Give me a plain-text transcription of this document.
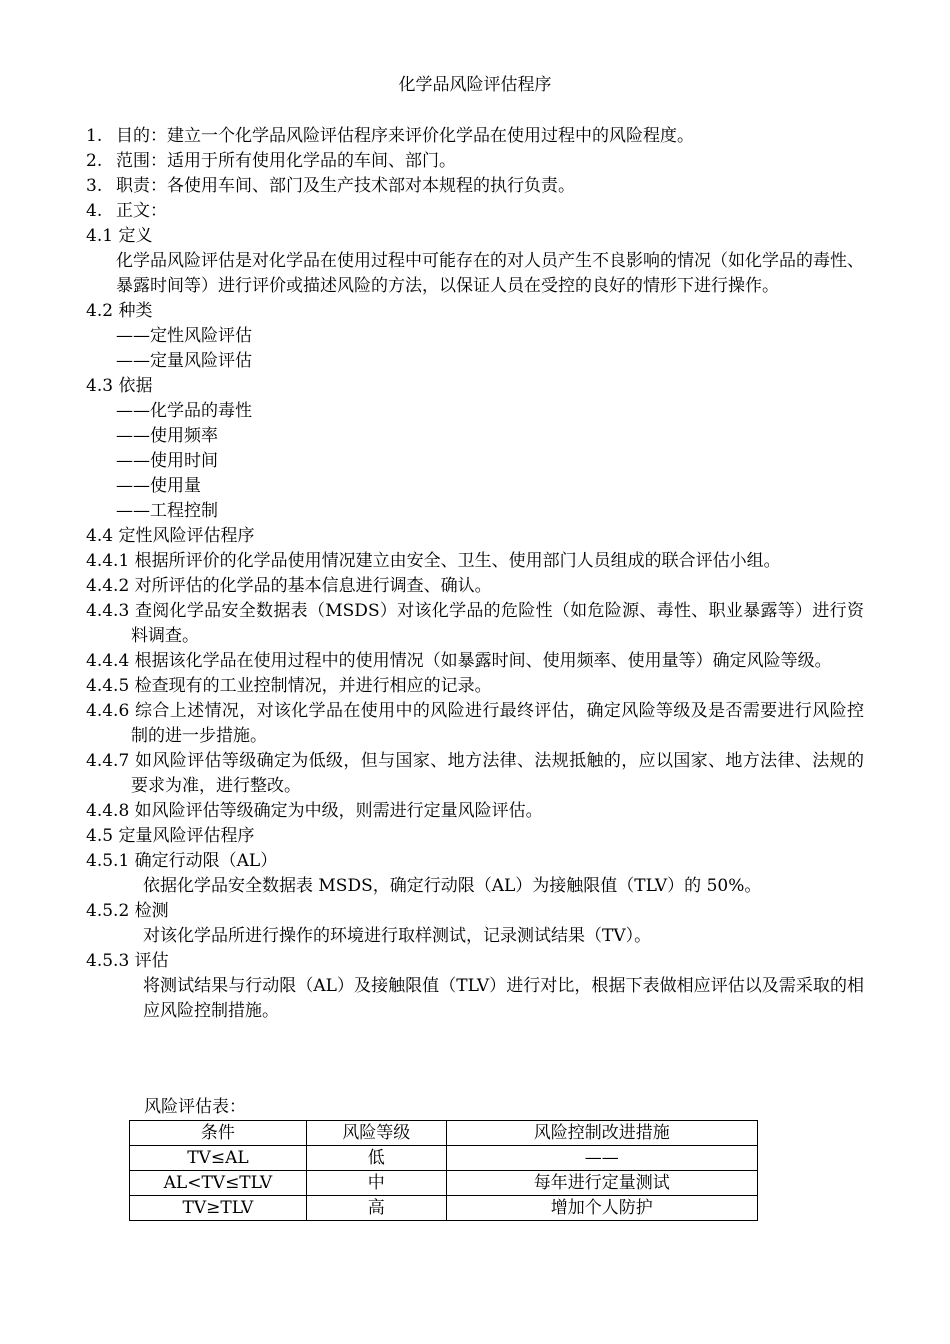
化学品风险评估程序
1. 目的：建立一个化学品风险评估程序来评价化学品在使用过程中的风险程度。
2. 范围：适用于所有使用化学品的车间、部门。
3. 职责：各使用车间、部门及生产技术部对本规程的执行负责。
4. 正文：
4.1 定义
化学品风险评估是对化学品在使用过程中可能存在的对人员产生不良影响的情况（如化学品的毒性、暴露时间等）进行评价或描述风险的方法，以保证人员在受控的良好的情形下进行操作。
4.2 种类
——定性风险评估
——定量风险评估
4.3 依据
——化学品的毒性
——使用频率
——使用时间
——使用量
——工程控制
4.4 定性风险评估程序
4.4.1 根据所评价的化学品使用情况建立由安全、卫生、使用部门人员组成的联合评估小组。
4.4.2 对所评估的化学品的基本信息进行调查、确认。
4.4.3 查阅化学品安全数据表（MSDS）对该化学品的危险性（如危险源、毒性、职业暴露等）进行资料调查。
4.4.4 根据该化学品在使用过程中的使用情况（如暴露时间、使用频率、使用量等）确定风险等级。
4.4.5 检查现有的工业控制情况，并进行相应的记录。
4.4.6 综合上述情况，对该化学品在使用中的风险进行最终评估，确定风险等级及是否需要进行风险控制的进一步措施。
4.4.7 如风险评估等级确定为低级，但与国家、地方法律、法规抵触的，应以国家、地方法律、法规的要求为准，进行整改。
4.4.8 如风险评估等级确定为中级，则需进行定量风险评估。
4.5 定量风险评估程序
4.5.1 确定行动限（AL）
依据化学品安全数据表 MSDS，确定行动限（AL）为接触限值（TLV）的 50%。
4.5.2 检测
对该化学品所进行操作的环境进行取样测试，记录测试结果（TV）。
4.5.3 评估
将测试结果与行动限（AL）及接触限值（TLV）进行对比，根据下表做相应评估以及需采取的相应风险控制措施。
风险评估表：
条件	风险等级	风险控制改进措施
TV≤AL	低	——
AL<TV≤TLV	中	每年进行定量测试
TV≥TLV	高	增加个人防护
